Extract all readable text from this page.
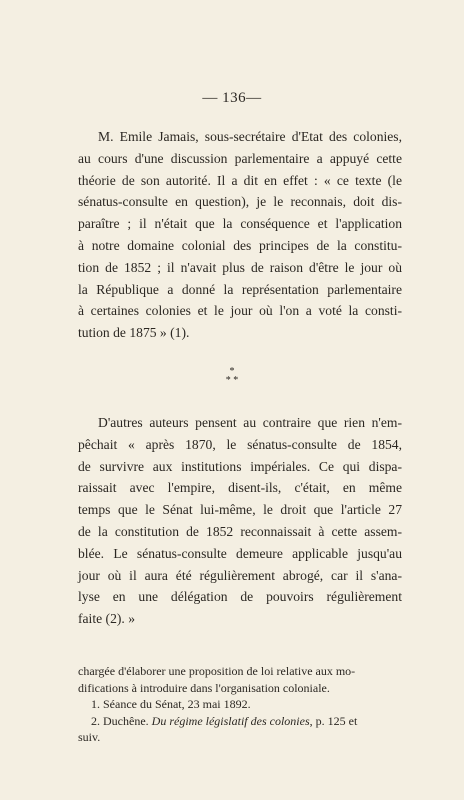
— 136—
M. Emile Jamais, sous-secrétaire d'Etat des colonies,
au cours d'une discussion parlementaire a appuyé cette
théorie de son autorité. Il a dit en effet : « ce texte (le
sénatus-consulte en question), je le reconnais, doit dis-
paraître ; il n'était que la conséquence et l'application
à notre domaine colonial des principes de la constitu-
tion de 1852 ; il n'avait plus de raison d'être le jour où
la République a donné la représentation parlementaire
à certaines colonies et le jour où l'on a voté la consti-
tution de 1875 » (1).
*
* *
D'autres auteurs pensent au contraire que rien n'em-
pêchait « après 1870, le sénatus-consulte de 1854,
de survivre aux institutions impériales. Ce qui dispa-
raissait avec l'empire, disent-ils, c'était, en même
temps que le Sénat lui-même, le droit que l'article 27
de la constitution de 1852 reconnaissait à cette assem-
blée. Le sénatus-consulte demeure applicable jusqu'au
jour où il aura été régulièrement abrogé, car il s'ana-
lyse en une délégation de pouvoirs régulièrement
faite (2). »
chargée d'élaborer une proposition de loi relative aux mo-
difications à introduire dans l'organisation coloniale.
1. Séance du Sénat, 23 mai 1892.
2. Duchêne. Du régime législatif des colonies, p. 125 et
suiv.
